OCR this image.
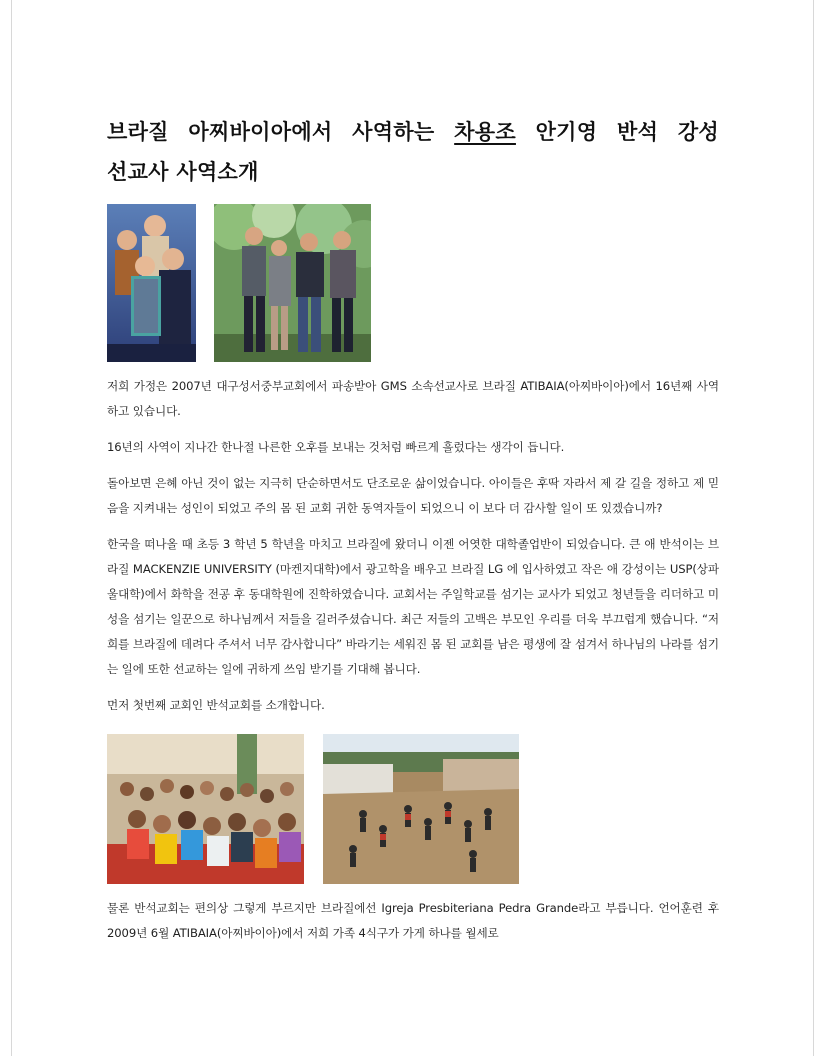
브라질 아찌바이아에서 사역하는 차용조 안기영 반석 강성
선교사 사역소개

저희 가정은 2007년 대구성서중부교회에서 파송받아 GMS 소속선교사로 브라질 ATIBAIA(아찌바이아)에서 16년째 사역하고 있습니다.

16년의 사역이 지나간 한나절 나른한 오후를 보내는 것처럼 빠르게 흘렀다는 생각이 듭니다.

돌아보면 은혜 아닌 것이 없는 지극히 단순하면서도 단조로운 삶이었습니다. 아이들은 후딱 자라서 제 갈 길을 정하고 제 믿음을 지켜내는 성인이 되었고 주의 몸 된 교회 귀한 동역자들이 되었으니 이 보다 더 감사할 일이 또 있겠습니까?

한국을 떠나올 때 초등 3 학년 5 학년을 마치고 브라질에 왔더니 이젠 어엿한 대학졸업반이 되었습니다. 큰 애 반석이는 브라질 MACKENZIE UNIVERSITY (마켄지대학)에서 광고학을 배우고 브라질 LG 에 입사하였고 작은 애 강성이는 USP(상파울대학)에서 화학을 전공 후 동대학원에 진학하였습니다. 교회서는 주일학교를 섬기는 교사가 되었고 청년들을 리더하고 미성을 섬기는 일꾼으로 하나님께서 저들을 길러주셨습니다. 최근 저들의 고백은 부모인 우리를 더욱 부끄럽게 했습니다. “저희를 브라질에 데려다 주셔서 너무 감사합니다” 바라기는 세워진 몸 된 교회를 남은 평생에 잘 섬겨서 하나님의 나라를 섬기는 일에 또한 선교하는 일에 귀하게 쓰임 받기를 기대해 봅니다.

먼저 첫번째 교회인 반석교회를 소개합니다.

물론 반석교회는 편의상 그렇게 부르지만 브라질에선 Igreja Presbiteriana Pedra Grande라고 부릅니다. 언어훈련 후 2009년 6월 ATIBAIA(아찌바이아)에서 저희 가족 4식구가 가게 하나를 월세로
